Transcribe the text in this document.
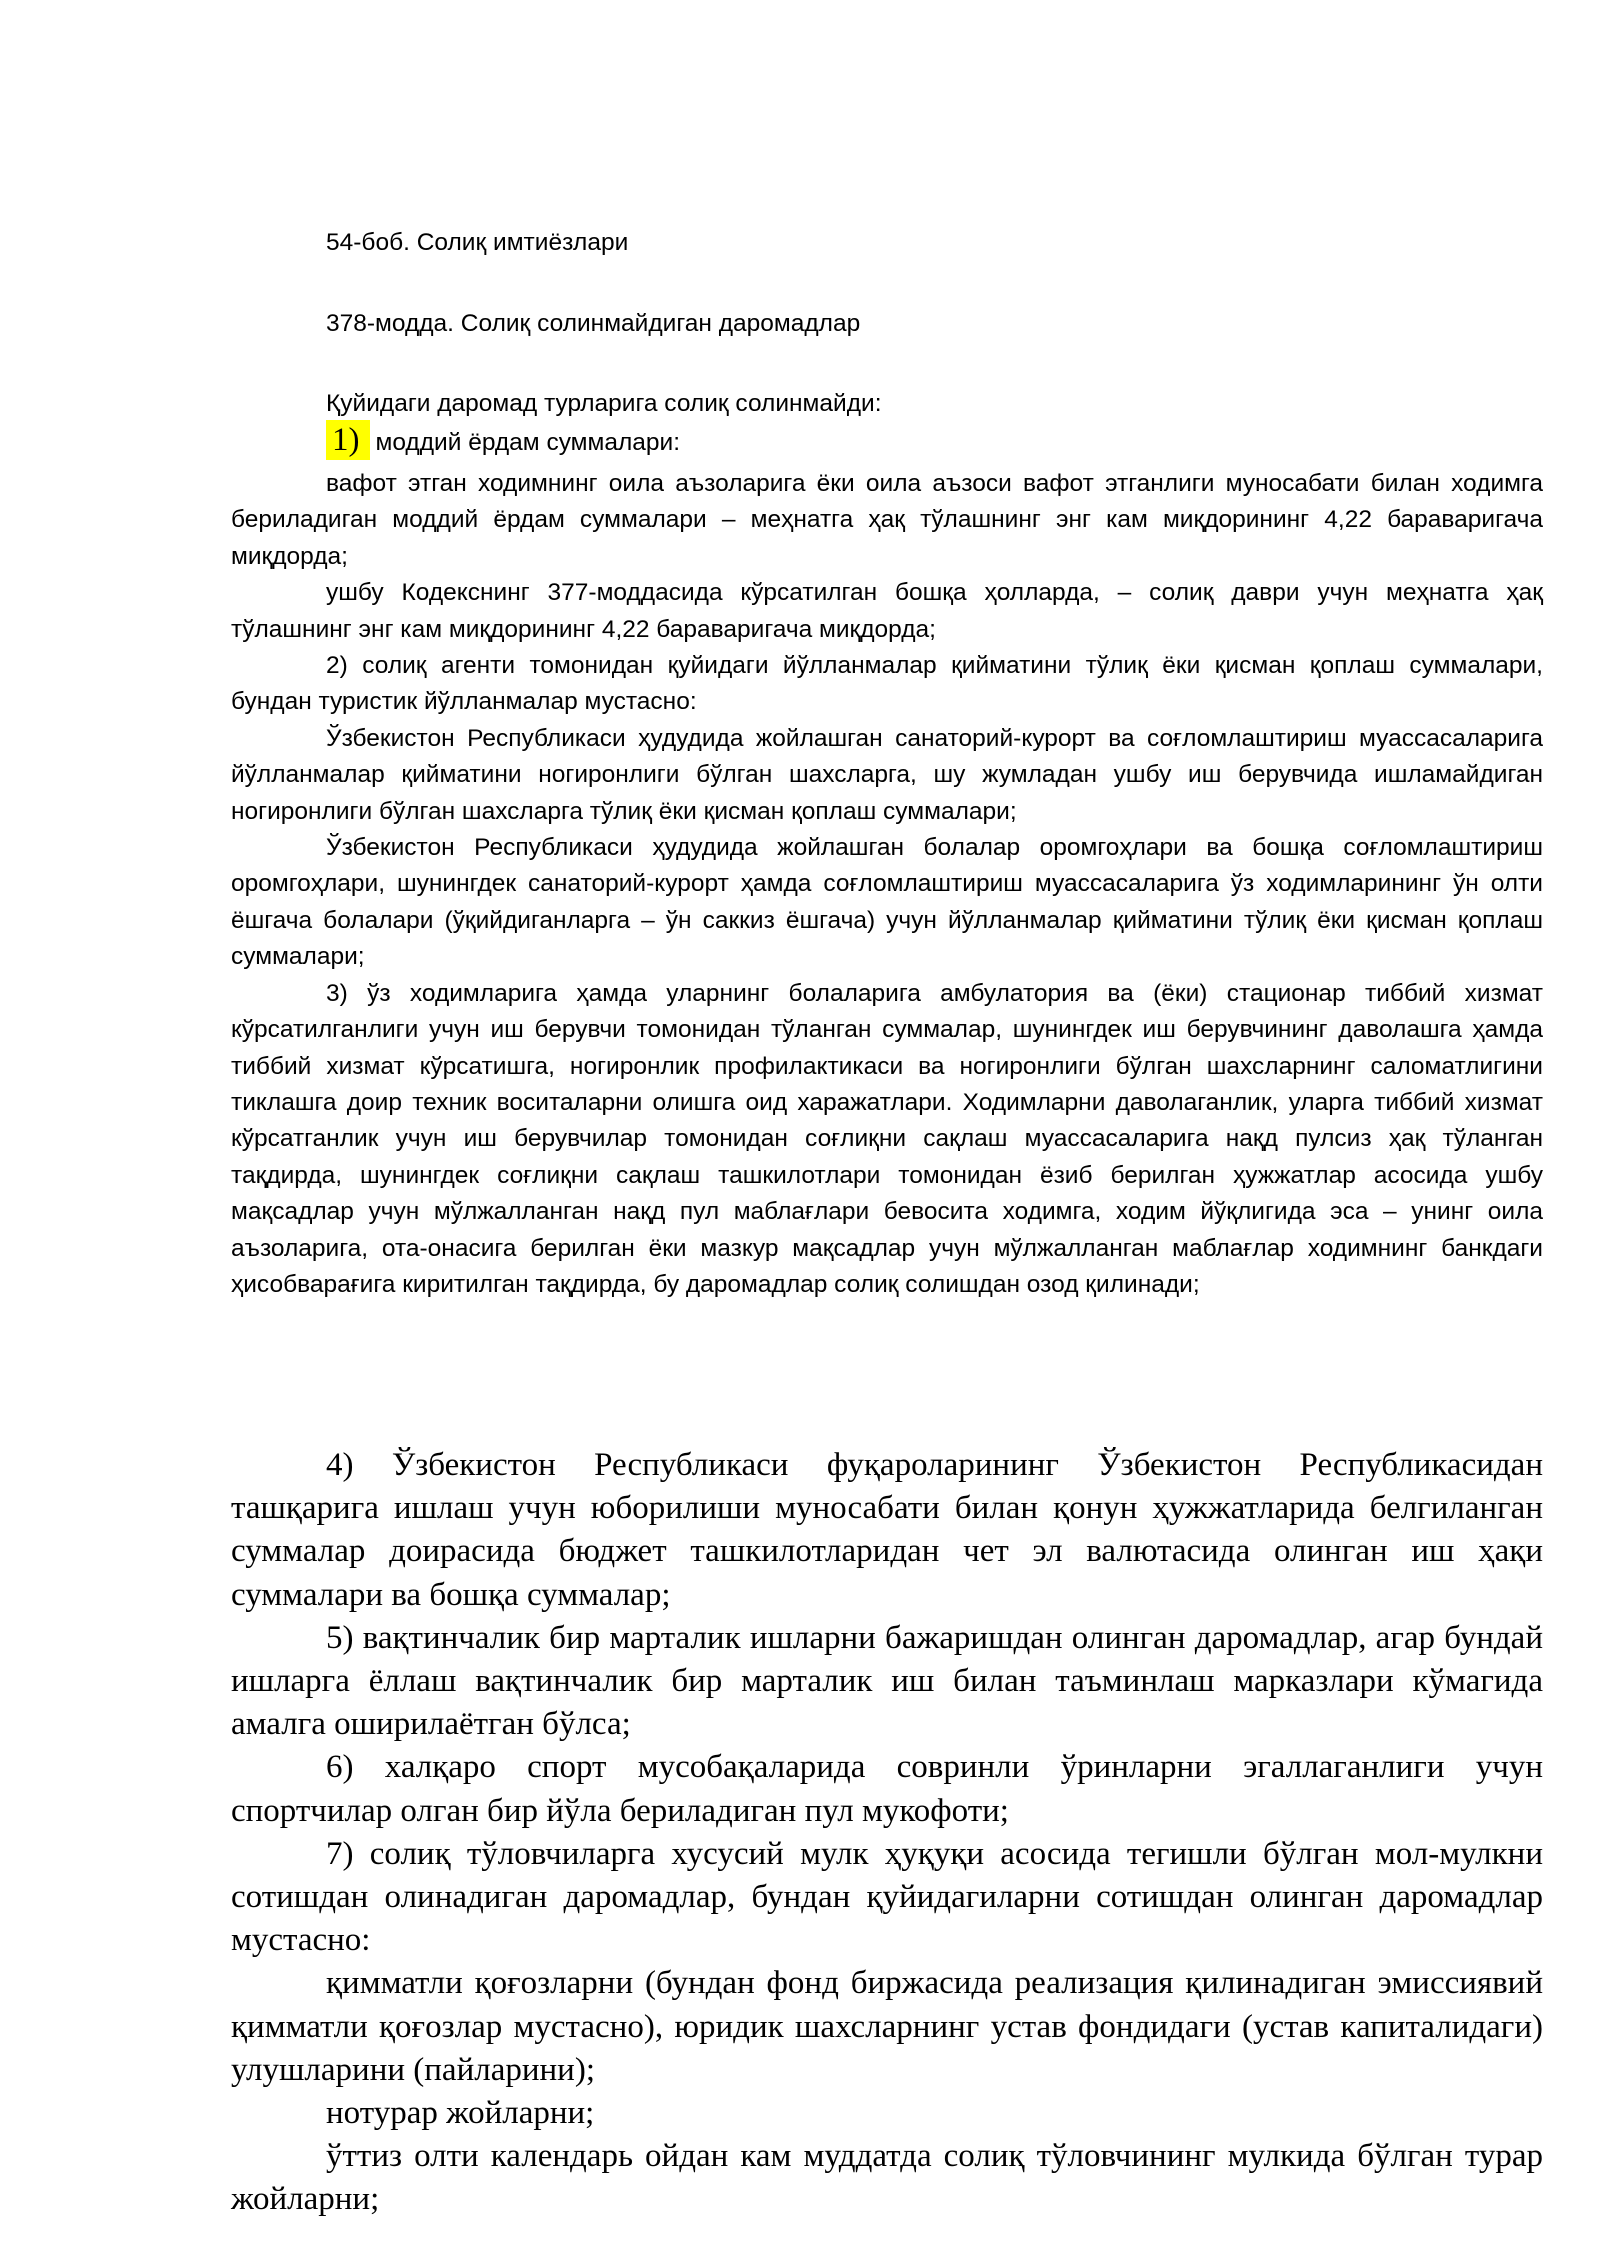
54-боб. Солиқ имтиёзлари

378-модда. Солиқ солинмайдиган даромадлар

Қуйидаги даромад турларига солиқ солинмайди:

1) моддий ёрдам суммалари:

вафот этган ходимнинг оила аъзоларига ёки оила аъзоси вафот этганлиги муносабати билан ходимга бериладиган моддий ёрдам суммалари – меҳнатга ҳақ тўлашнинг энг кам миқдорининг 4,22 бараваригача миқдорда;

ушбу Кодекснинг 377-моддасида кўрсатилган бошқа ҳолларда, – солиқ даври учун меҳнатга ҳақ тўлашнинг энг кам миқдорининг 4,22 бараваригача миқдорда;

2) солиқ агенти томонидан қуйидаги йўлланмалар қийматини тўлиқ ёки қисман қоплаш суммалари, бундан туристик йўлланмалар мустасно:

Ўзбекистон Республикаси ҳудудида жойлашган санаторий-курорт ва соғломлаштириш муассасаларига йўлланмалар қийматини ногиронлиги бўлган шахсларга, шу жумладан ушбу иш берувчида ишламайдиган ногиронлиги бўлган шахсларга тўлиқ ёки қисман қоплаш суммалари;

Ўзбекистон Республикаси ҳудудида жойлашган болалар оромгоҳлари ва бошқа соғломлаштириш оромгоҳлари, шунингдек санаторий-курорт ҳамда соғломлаштириш муассасаларига ўз ходимларининг ўн олти ёшгача болалари (ўқийдиганларга – ўн саккиз ёшгача) учун йўлланмалар қийматини тўлиқ ёки қисман қоплаш суммалари;

3) ўз ходимларига ҳамда уларнинг болаларига амбулатория ва (ёки) стационар тиббий хизмат кўрсатилганлиги учун иш берувчи томонидан тўланган суммалар, шунингдек иш берувчининг даволашга ҳамда тиббий хизмат кўрсатишга, ногиронлик профилактикаси ва ногиронлиги бўлган шахсларнинг саломатлигини тиклашга доир техник воситаларни олишга оид харажатлари. Ходимларни даволаганлик, уларга тиббий хизмат кўрсатганлик учун иш берувчилар томонидан соғлиқни сақлаш муассасаларига нақд пулсиз ҳақ тўланган тақдирда, шунингдек соғлиқни сақлаш ташкилотлари томонидан ёзиб берилган ҳужжатлар асосида ушбу мақсадлар учун мўлжалланган нақд пул маблағлари бевосита ходимга, ходим йўқлигида эса – унинг оила аъзоларига, ота-онасига берилган ёки мазкур мақсадлар учун мўлжалланган маблағлар ходимнинг банкдаги ҳисобварағига киритилган тақдирда, бу даромадлар солиқ солишдан озод қилинади;

4) Ўзбекистон Республикаси фуқароларининг Ўзбекистон Республикасидан ташқарига ишлаш учун юборилиши муносабати билан қонун ҳужжатларида белгиланган суммалар доирасида бюджет ташкилотларидан чет эл валютасида олинган иш ҳақи суммалари ва бошқа суммалар;

5) вақтинчалик бир марталик ишларни бажаришдан олинган даромадлар, агар бундай ишларга ёллаш вақтинчалик бир марталик иш билан таъминлаш марказлари кўмагида амалга оширилаётган бўлса;

6) халқаро спорт мусобақаларида совринли ўринларни эгаллаганлиги учун спортчилар олган бир йўла бериладиган пул мукофоти;

7) солиқ тўловчиларга хусусий мулк ҳуқуқи асосида тегишли бўлган мол-мулкни сотишдан олинадиган даромадлар, бундан қуйидагиларни сотишдан олинган даромадлар мустасно:

қимматли қоғозларни (бундан фонд биржасида реализация қилинадиган эмиссиявий қимматли қоғозлар мустасно), юридик шахсларнинг устав фондидаги (устав капиталидаги) улушларини (пайларини);

нотурар жойларни;

ўттиз олти календарь ойдан кам муддатда солиқ тўловчининг мулкида бўлган турар жойларни;
